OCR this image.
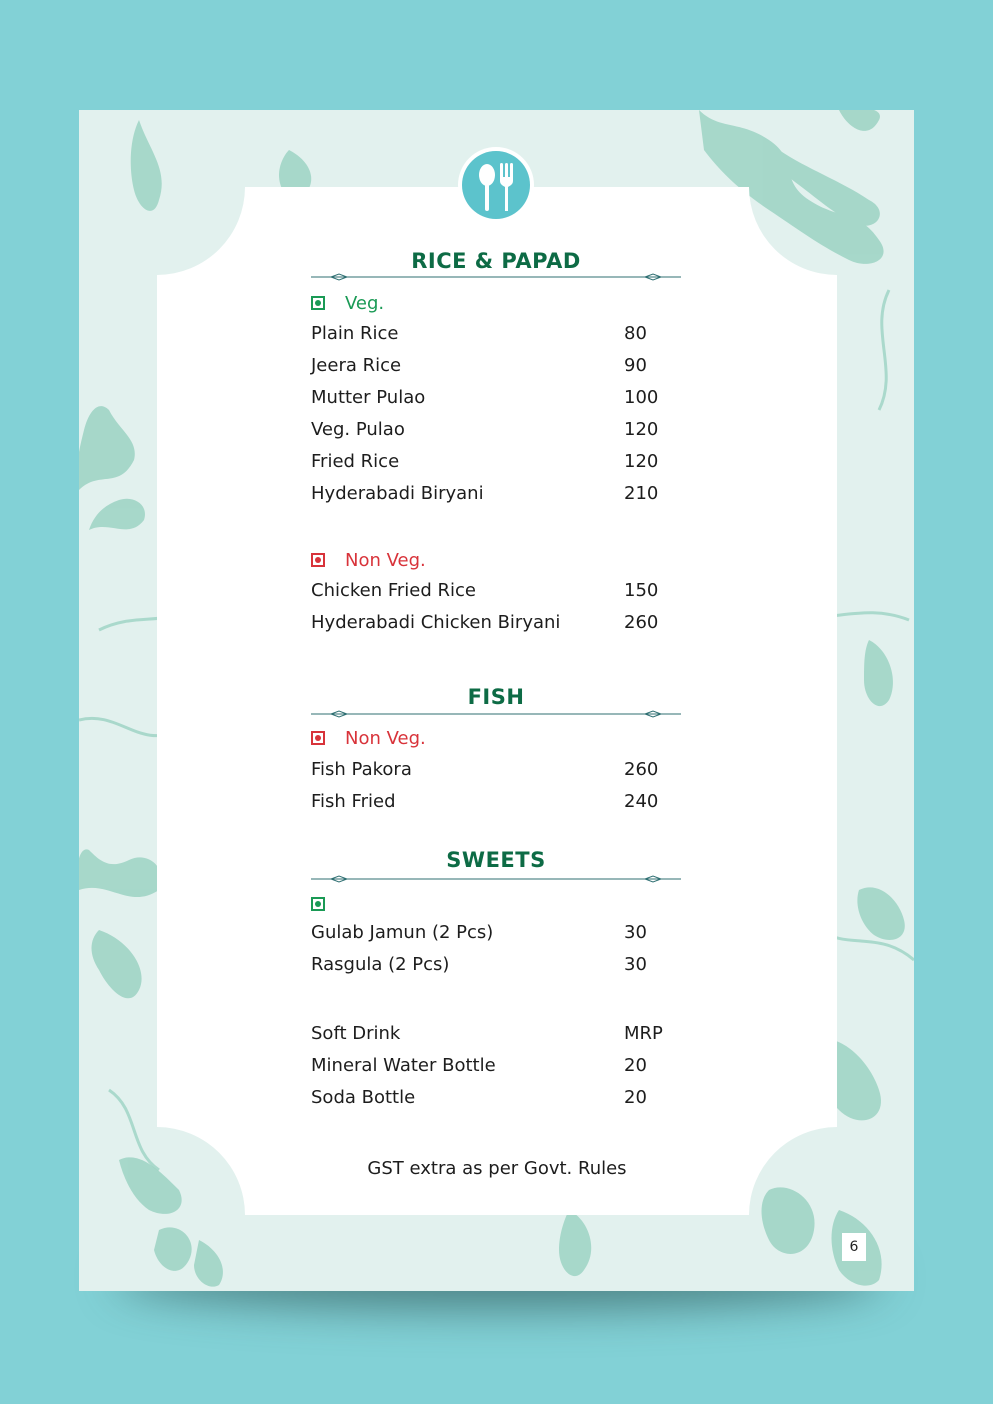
RICE & PAPAD
Veg.
Plain Rice	80
Jeera Rice	90
Mutter Pulao	100
Veg. Pulao	120
Fried Rice	120
Hyderabadi Biryani	210
Non Veg.
Chicken Fried Rice	150
Hyderabadi Chicken Biryani	260
FISH
Non Veg.
Fish Pakora	260
Fish Fried	240
SWEETS
Gulab Jamun (2 Pcs)	30
Rasgula (2 Pcs)	30
Soft Drink	MRP
Mineral Water Bottle	20
Soda Bottle	20
GST extra as per Govt. Rules
6
